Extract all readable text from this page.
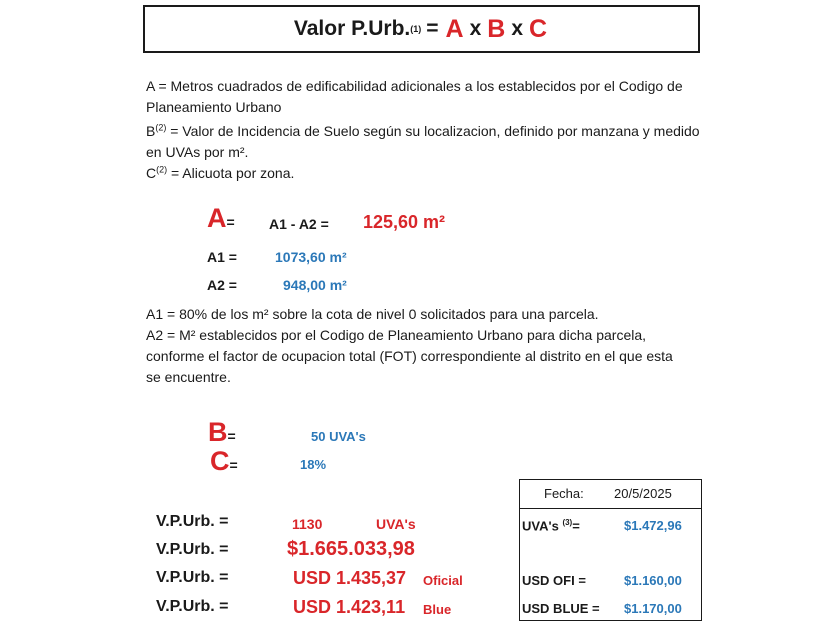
Valor P.Urb. (1) = A x B x C
A = Metros cuadrados de edificabilidad adicionales a los establecidos por el Codigo de
Planeamiento Urbano
$B^{(2)}$ = Valor de Incidencia de Suelo según su localizacion, definido por manzana y medido
en UVAs por m².
$C^{(2)}$ = Alicuota por zona.
A= A1 - A2 = 125,60 m²
A1 =	1073,60 m²
A2 =	948,00 m²
A1 = 80% de los m² sobre la cota de nivel 0 solicitados para una parcela.
A2 = M² establecidos por el Codigo de Planeamiento Urbano para dicha parcela,
conforme el factor de ocupacion total (FOT) correspondiente al distrito en el que esta
se encuentre.
B=	50 UVA's
C=	18%
V.P.Urb. =	1130	UVA's
V.P.Urb. =	$1.665.033,98
V.P.Urb. =	USD 1.435,37 Oficial
V.P.Urb. =	USD 1.423,11 Blue
Fecha: 20/5/2025
UVA's $^{(3)}$=	$1.472,96
USD OFI =	$1.160,00
USD BLUE = $1.170,00
